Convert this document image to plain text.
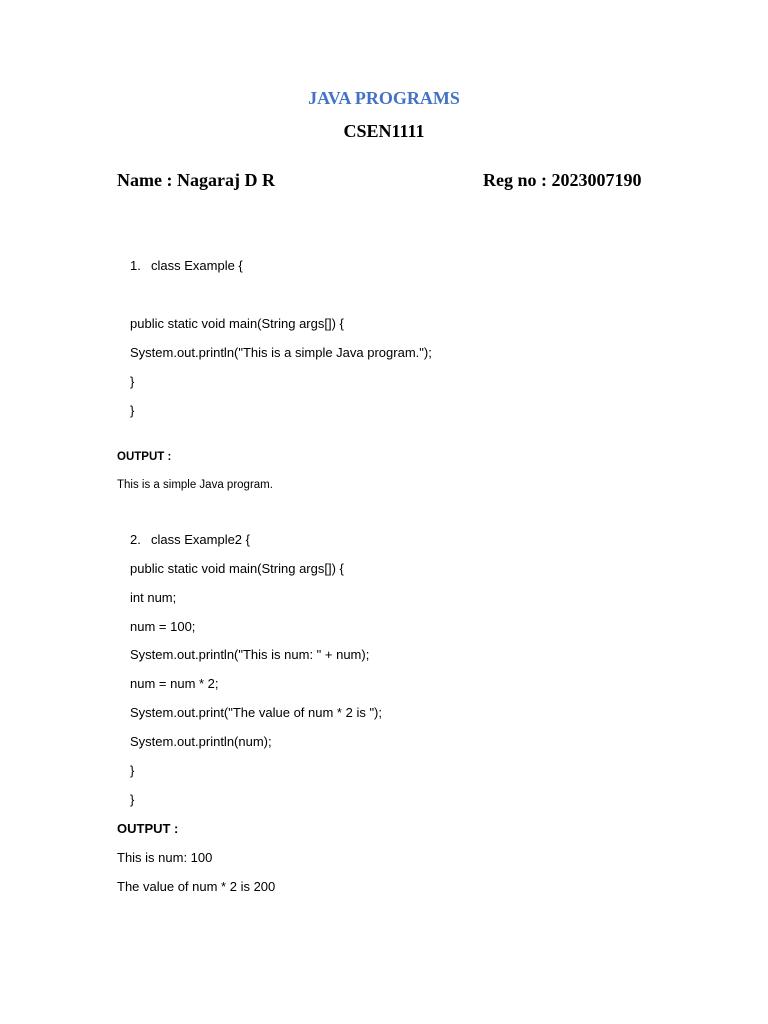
JAVA PROGRAMS
CSEN1111
Name : Nagaraj D R	Reg no : 2023007190
1. class Example {
public static void main(String args[]) {
System.out.println("This is a simple Java program.");
}
}
OUTPUT :
This is a simple Java program.
2. class Example2 {
public static void main(String args[]) {
int num;
num = 100;
System.out.println("This is num: " + num);
num = num * 2;
System.out.print("The value of num * 2 is ");
System.out.println(num);
}
}
OUTPUT :
This is num: 100
The value of num * 2 is 200
